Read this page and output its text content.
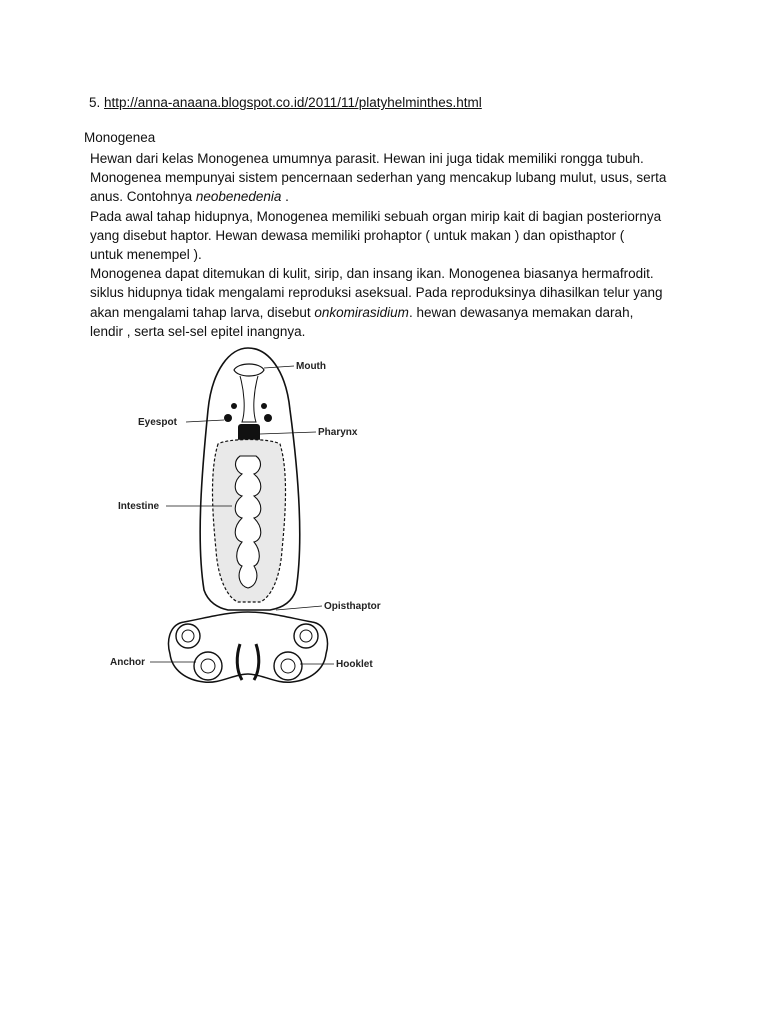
5. http://anna-anaana.blogspot.co.id/2011/11/platyhelminthes.html
Monogenea

Hewan dari kelas Monogenea umumnya parasit. Hewan ini juga tidak memiliki rongga tubuh.
Monogenea mempunyai sistem pencernaan sederhan yang mencakup lubang mulut, usus, serta
anus. Contohnya neobenedenia .

Pada awal tahap hidupnya, Monogenea memiliki sebuah organ mirip kait di bagian posteriornya
yang disebut haptor. Hewan dewasa memiliki prohaptor ( untuk makan ) dan opisthaptor (
untuk menempel ).

Monogenea dapat ditemukan di kulit, sirip, dan insang ikan. Monogenea biasanya hermafrodit.
siklus hidupnya tidak mengalami reproduksi aseksual. Pada reproduksinya dihasilkan telur yang
akan mengalami tahap larva, disebut onkomirasidium. hewan dewasanya memakan darah,
lendir , serta sel-sel epitel inangnya.

Mouth
Eyespot
Pharynx
Intestine
Opisthaptor
Anchor	Hooklet
